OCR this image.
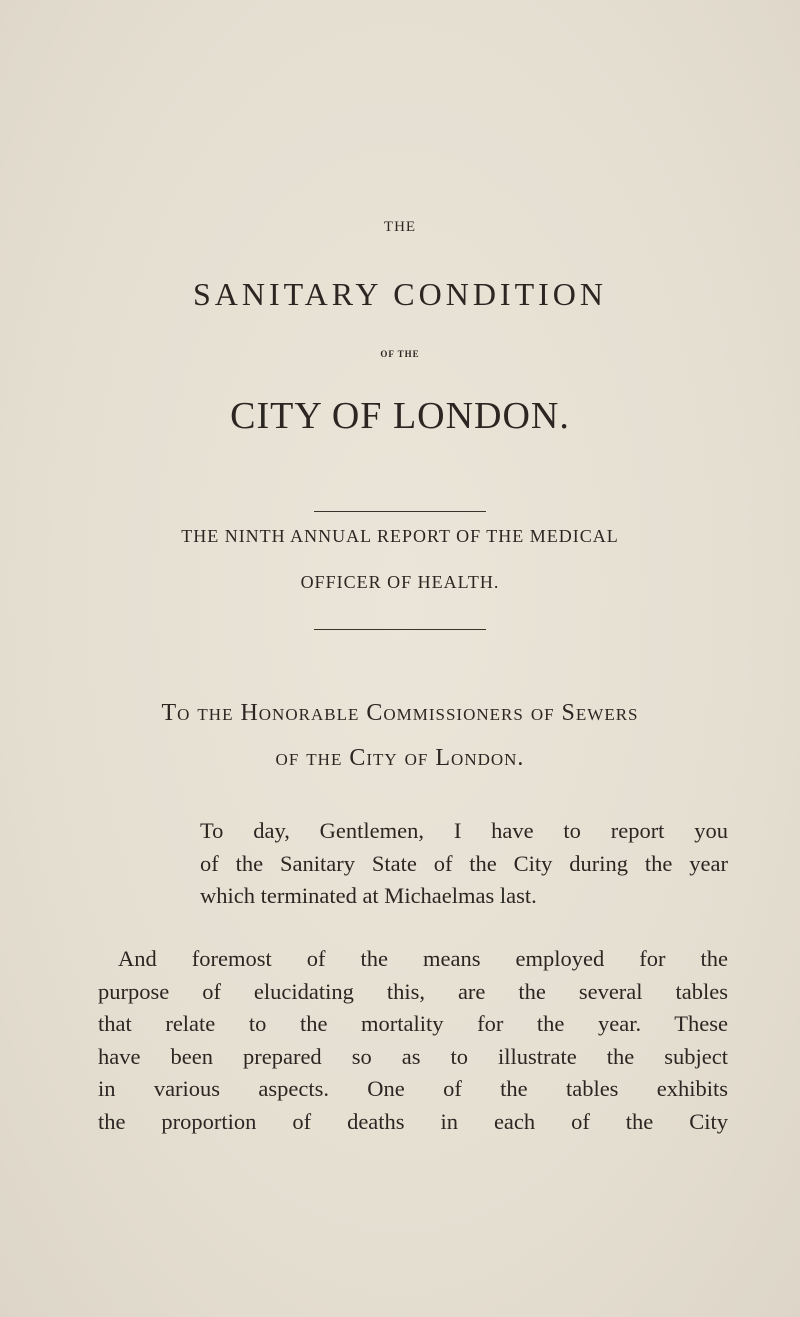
THE
SANITARY CONDITION
OF THE
CITY OF LONDON.
THE NINTH ANNUAL REPORT OF THE MEDICAL
OFFICER OF HEALTH.
To the Honorable Commissioners of Sewers
of the City of London.
To day, Gentlemen, I have to report you
of the Sanitary State of the City during the year
which terminated at Michaelmas last.
And foremost of the means employed for the
purpose of elucidating this, are the several tables
that relate to the mortality for the year. These
have been prepared so as to illustrate the subject
in various aspects. One of the tables exhibits
the proportion of deaths in each of the City
